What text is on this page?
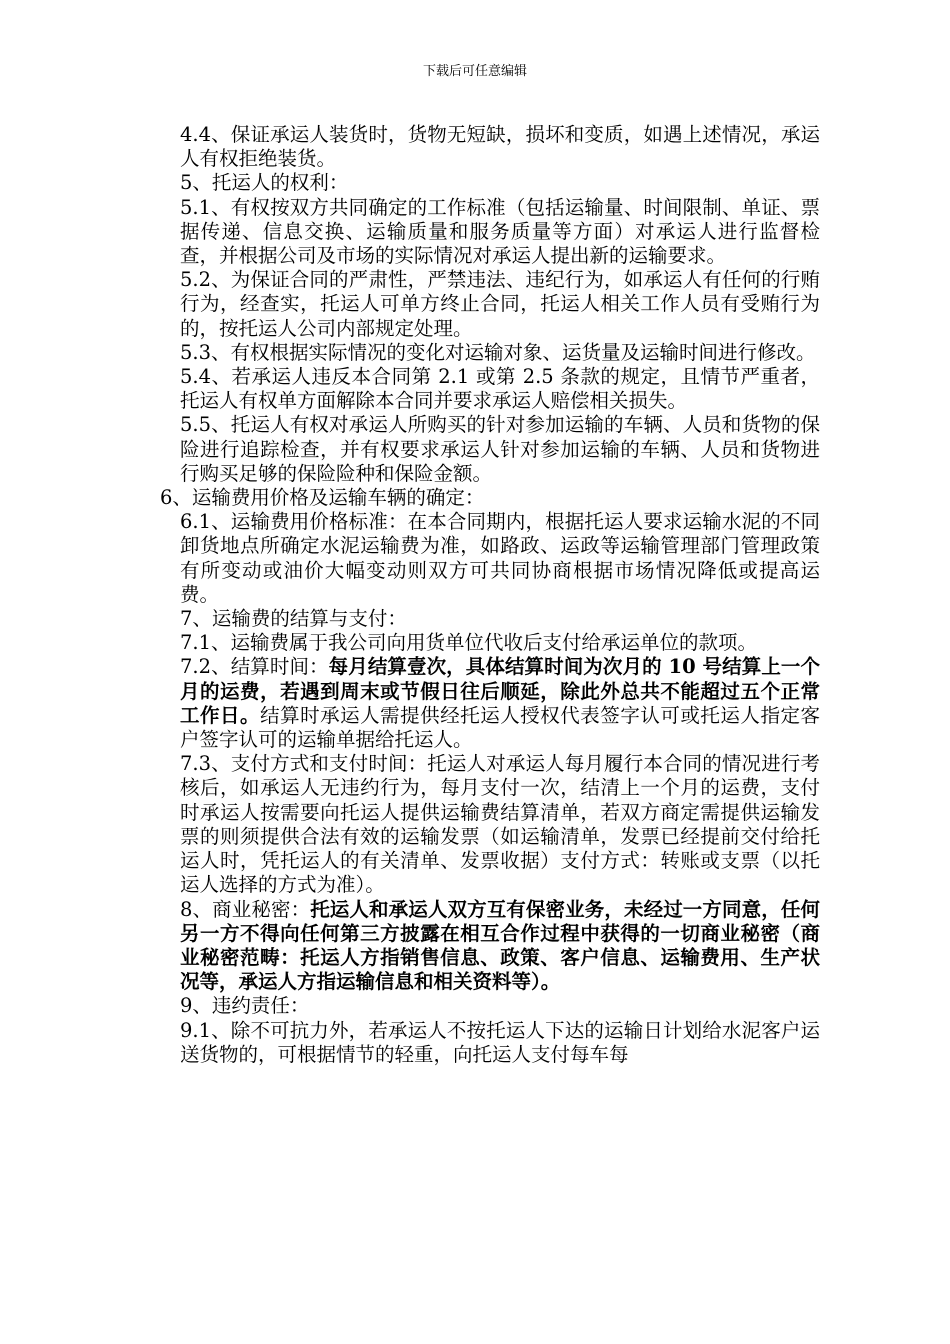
下载后可任意编辑

4.4、保证承运人装货时，货物无短缺，损坏和变质，如遇上述情况，承运人有权拒绝装货。

5、托运人的权利：

5.1、有权按双方共同确定的工作标准（包括运输量、时间限制、单证、票据传递、信息交换、运输质量和服务质量等方面）对承运人进行监督检查，并根据公司及市场的实际情况对承运人提出新的运输要求。

5.2、为保证合同的严肃性，严禁违法、违纪行为，如承运人有任何的行贿行为，经查实，托运人可单方终止合同，托运人相关工作人员有受贿行为的，按托运人公司内部规定处理。

5.3、有权根据实际情况的变化对运输对象、运货量及运输时间进行修改。

5.4、若承运人违反本合同第 2.1 或第 2.5 条款的规定，且情节严重者，托运人有权单方面解除本合同并要求承运人赔偿相关损失。

5.5、托运人有权对承运人所购买的针对参加运输的车辆、人员和货物的保险进行追踪检查，并有权要求承运人针对参加运输的车辆、人员和货物进行购买足够的保险险种和保险金额。

6、运输费用价格及运输车辆的确定：

6.1、运输费用价格标准：在本合同期内，根据托运人要求运输水泥的不同卸货地点所确定水泥运输费为准，如路政、运政等运输管理部门管理政策有所变动或油价大幅变动则双方可共同协商根据市场情况降低或提高运费。

7、运输费的结算与支付：

7.1、运输费属于我公司向用货单位代收后支付给承运单位的款项。

7.2、结算时间：每月结算壹次，具体结算时间为次月的 10 号结算上一个月的运费，若遇到周末或节假日往后顺延，除此外总共不能超过五个正常工作日。结算时承运人需提供经托运人授权代表签字认可或托运人指定客户签字认可的运输单据给托运人。

7.3、支付方式和支付时间：托运人对承运人每月履行本合同的情况进行考核后，如承运人无违约行为，每月支付一次，结清上一个月的运费，支付时承运人按需要向托运人提供运输费结算清单，若双方商定需提供运输发票的则须提供合法有效的运输发票（如运输清单，发票已经提前交付给托运人时，凭托运人的有关清单、发票收据）支付方式：转账或支票（以托运人选择的方式为准）。

8、商业秘密：托运人和承运人双方互有保密业务，未经过一方同意，任何另一方不得向任何第三方披露在相互合作过程中获得的一切商业秘密（商业秘密范畴：托运人方指销售信息、政策、客户信息、运输费用、生产状况等，承运人方指运输信息和相关资料等）。

9、违约责任：

9.1、除不可抗力外，若承运人不按托运人下达的运输日计划给水泥客户运送货物的，可根据情节的轻重，向托运人支付每车每
